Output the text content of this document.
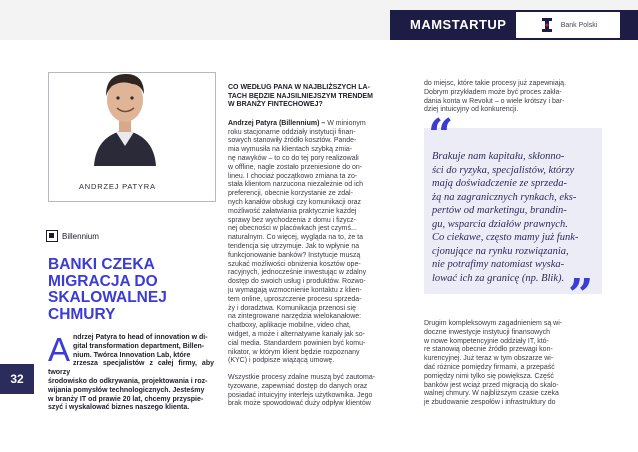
MAMSTARTUP	Bank Polski
ANDRZEJ PATYRA
Billennium
BANKI CZEKA
MIGRACJA DO
SKALOWALNEJ
CHMURY
A ndrzej Patyra to head of innovation w di-
gital transformation department, Billen-
nium. Twórca Innovation Lab, które
zrzesza specjalistów z całej firmy, aby tworzy
środowisko do odkrywania, projektowania i roz-
wijania pomysłów technologicznych. Jesteśmy
w branży IT od prawie 20 lat, chcemy przyspie-
szyć i wyskalować biznes naszego klienta.
32

CO WEDŁUG PANA W NAJBLIŻSZYCH LA-
TACH BĘDZIE NAJSILNIEJSZYM TRENDEM
W BRANŻY FINTECHOWEJ?

Andrzej Patyra (Billennium) – W minionym
roku stacjonarne oddziały instytucji finan-
sowych stanowiły źródło kosztów. Pande-
mia wymusiła na klientach szybką zmia-
nę nawyków – to co do tej pory realizowali
w offline, nagle zostało przeniesione do on-
lineu. I chociaż początkowo zmiana ta zo-
stała klientom narzucona niezależnie od ich
preferencji, obecnie korzystanie ze zdal-
nych kanałów obsługi czy komunikacji oraz
możliwość załatwiania praktycznie każdej
sprawy bez wychodzenia z domu i fizycz-
nej obecności w placówkach jest czymś...
naturalnym. Co więcej, wygląda na to, że ta
tendencja się utrzymuje. Jak to wpłynie na
funkcjonowanie banków? Instytucje muszą
szukać możliwości obniżenia kosztów ope-
racyjnych, jednocześnie inwestując w zdalny
dostęp do swoich usług i produktów. Rozwo-
ju wymagają wzmocnienie kontaktu z klien-
tem online, uproszczenie procesu sprzeda-
ży i doradztwa. Komunikacja przenosi się
na zintegrowane narzędzia wielokanałowe:
chatboxy, aplikacje mobilne, video chat,
widget, a może i alternatywne kanały jak so-
cial media. Standardem powinien być komu-
nikator, w którym klient będzie rozpoznany
(KYC) i podpisze wiążącą umowę.

Wszystkie procesy zdalne muszą być zautoma-
tyzowane, zapewniać dostęp do danych oraz
posiadać intuicyjny interfejs użytkownika. Jego
brak może spowodować duży odpływ klientów

do miejsc, które takie procesy już zapewniają.
Dobrym przykładem może być proces zakła-
dania konta w Revolut – o wiele krótszy i bar-
dziej intuicyjny od konkurencji.

“
Brakuje nam kapitału, skłonno-
ści do ryzyka, specjalistów, którzy
mają doświadczenie ze sprzeda-
żą na zagranicznych rynkach, eks-
pertów od marketingu, brandin-
gu, wsparcia działów prawnych.
Co ciekawe, często mamy już funk-
cjonujące na rynku rozwiązania,
nie potrafimy natomiast wyska-
lować ich za granicę (np. Blik). ”

Drugim kompleksowym zagadnieniem są wi-
doczne inwestycje instytucji finansowych
w nowe kompetencyjnie oddziały IT, któ-
re stanowią obecnie źródło przewagi kon-
kurencyjnej. Już teraz w tym obszarze wi-
dać różnice pomiędzy firmami, a przepaść
pomiędzy nimi tylko się powiększa. Część
banków jest wciąż przed migracją do skalo-
walnej chmury. W najbliższym czasie czeka
je zbudowanie zespołów i infrastruktury do
